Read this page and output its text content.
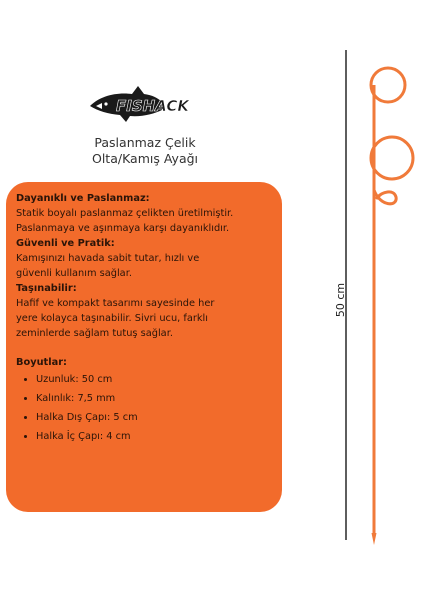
FISHACK
Paslanmaz Çelik
Olta/Kamış Ayağı
Dayanıklı ve Paslanmaz:
Statik boyalı paslanmaz çelikten üretilmiştir.
Paslanmaya ve aşınmaya karşı dayanıklıdır.
Güvenli ve Pratik:
Kamışınızı havada sabit tutar, hızlı ve
güvenli kullanım sağlar.
Taşınabilir:
Hafif ve kompakt tasarımı sayesinde her
yere kolayca taşınabilir. Sivri ucu, farklı
zeminlerde sağlam tutuş sağlar.
Boyutlar:
• Uzunluk: 50 cm
• Kalınlık: 7,5 mm
• Halka Dış Çapı: 5 cm
• Halka İç Çapı: 4 cm
50 cm
